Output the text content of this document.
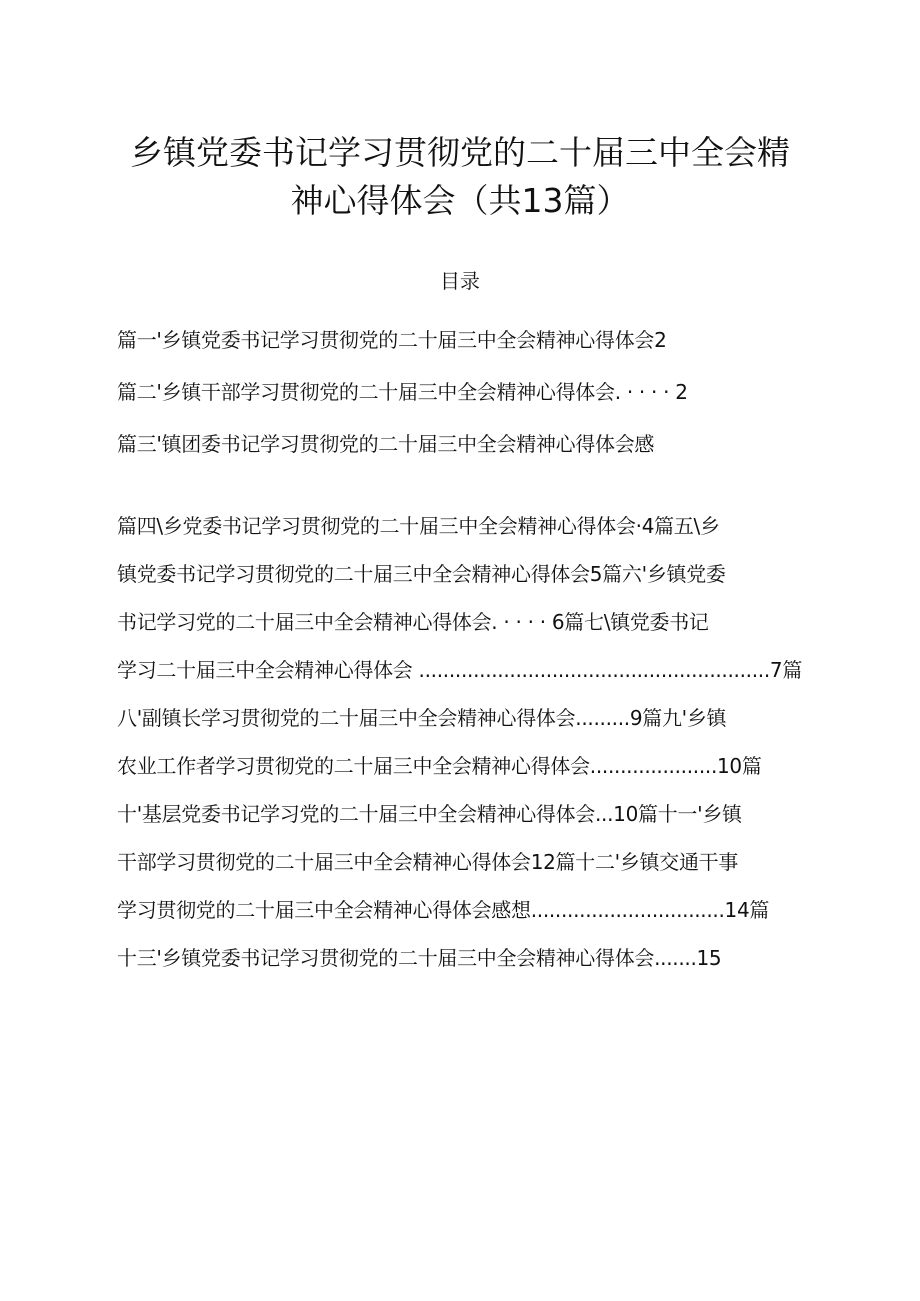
乡镇党委书记学习贯彻党的二十届三中全会精
神心得体会（共13篇）
目录
篇一'乡镇党委书记学习贯彻党的二十届三中全会精神心得体会2
篇二'乡镇干部学习贯彻党的二十届三中全会精神心得体会. · · · · 2
篇三'镇团委书记学习贯彻党的二十届三中全会精神心得体会感
篇四\乡党委书记学习贯彻党的二十届三中全会精神心得体会·4篇五\乡
镇党委书记学习贯彻党的二十届三中全会精神心得体会5篇六'乡镇党委
书记学习党的二十届三中全会精神心得体会. · · · · 6篇七\镇党委书记
学习二十届三中全会精神心得体会 ..........................................................7篇
八'副镇长学习贯彻党的二十届三中全会精神心得体会.........9篇九'乡镇
农业工作者学习贯彻党的二十届三中全会精神心得体会.....................10篇
十'基层党委书记学习党的二十届三中全会精神心得体会...10篇十一'乡镇
干部学习贯彻党的二十届三中全会精神心得体会12篇十二'乡镇交通干事
学习贯彻党的二十届三中全会精神心得体会感想................................14篇
十三'乡镇党委书记学习贯彻党的二十届三中全会精神心得体会.......15
